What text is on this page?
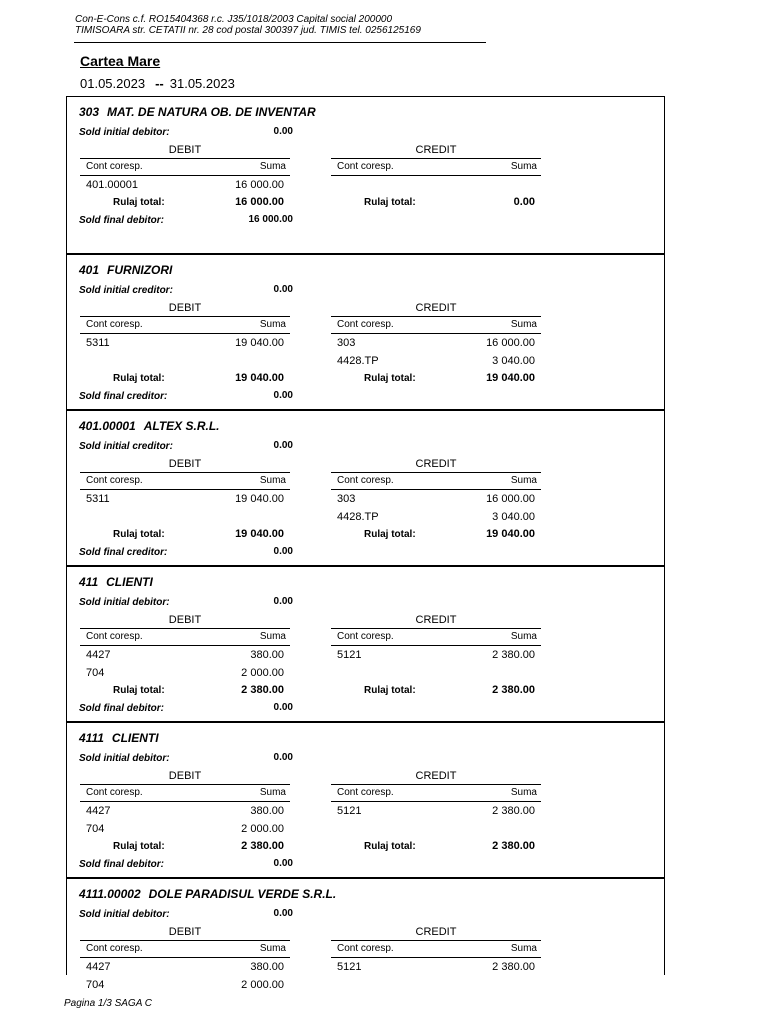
Con-E-Cons c.f. RO15404368 r.c. J35/1018/2003 Capital social 200000
TIMISOARA str. CETATII nr. 28 cod postal 300397 jud. TIMIS tel. 0256125169
Cartea Mare
01.05.2023 -- 31.05.2023
303 MAT. DE NATURA OB. DE INVENTAR
Sold initial debitor:	0.00
DEBIT
Cont coresp.	Suma
401.00001	16 000.00
CREDIT
Cont coresp.	Suma
Rulaj total:	16 000.00	Rulaj total:	0.00
Sold final debitor:	16 000.00
401 FURNIZORI
Sold initial creditor:	0.00
DEBIT
Cont coresp.	Suma
5311	19 040.00
CREDIT
Cont coresp.	Suma
303	16 000.00
4428.TP	3 040.00
Rulaj total:	19 040.00	Rulaj total:	19 040.00
Sold final creditor:	0.00
401.00001 ALTEX S.R.L.
Sold initial creditor:	0.00
DEBIT
Cont coresp.	Suma
5311	19 040.00
CREDIT
Cont coresp.	Suma
303	16 000.00
4428.TP	3 040.00
Rulaj total:	19 040.00	Rulaj total:	19 040.00
Sold final creditor:	0.00
411 CLIENTI
Sold initial debitor:	0.00
DEBIT
Cont coresp.	Suma
4427	380.00
704	2 000.00
CREDIT
Cont coresp.	Suma
5121	2 380.00
Rulaj total:	2 380.00	Rulaj total:	2 380.00
Sold final debitor:	0.00
4111 CLIENTI
Sold initial debitor:	0.00
DEBIT
Cont coresp.	Suma
4427	380.00
704	2 000.00
CREDIT
Cont coresp.	Suma
5121	2 380.00
Rulaj total:	2 380.00	Rulaj total:	2 380.00
Sold final debitor:	0.00
4111.00002 DOLE PARADISUL VERDE S.R.L.
Sold initial debitor:	0.00
DEBIT
Cont coresp.	Suma
4427	380.00
704	2 000.00
CREDIT
Cont coresp.	Suma
5121	2 380.00
Pagina 1/3 SAGA C
